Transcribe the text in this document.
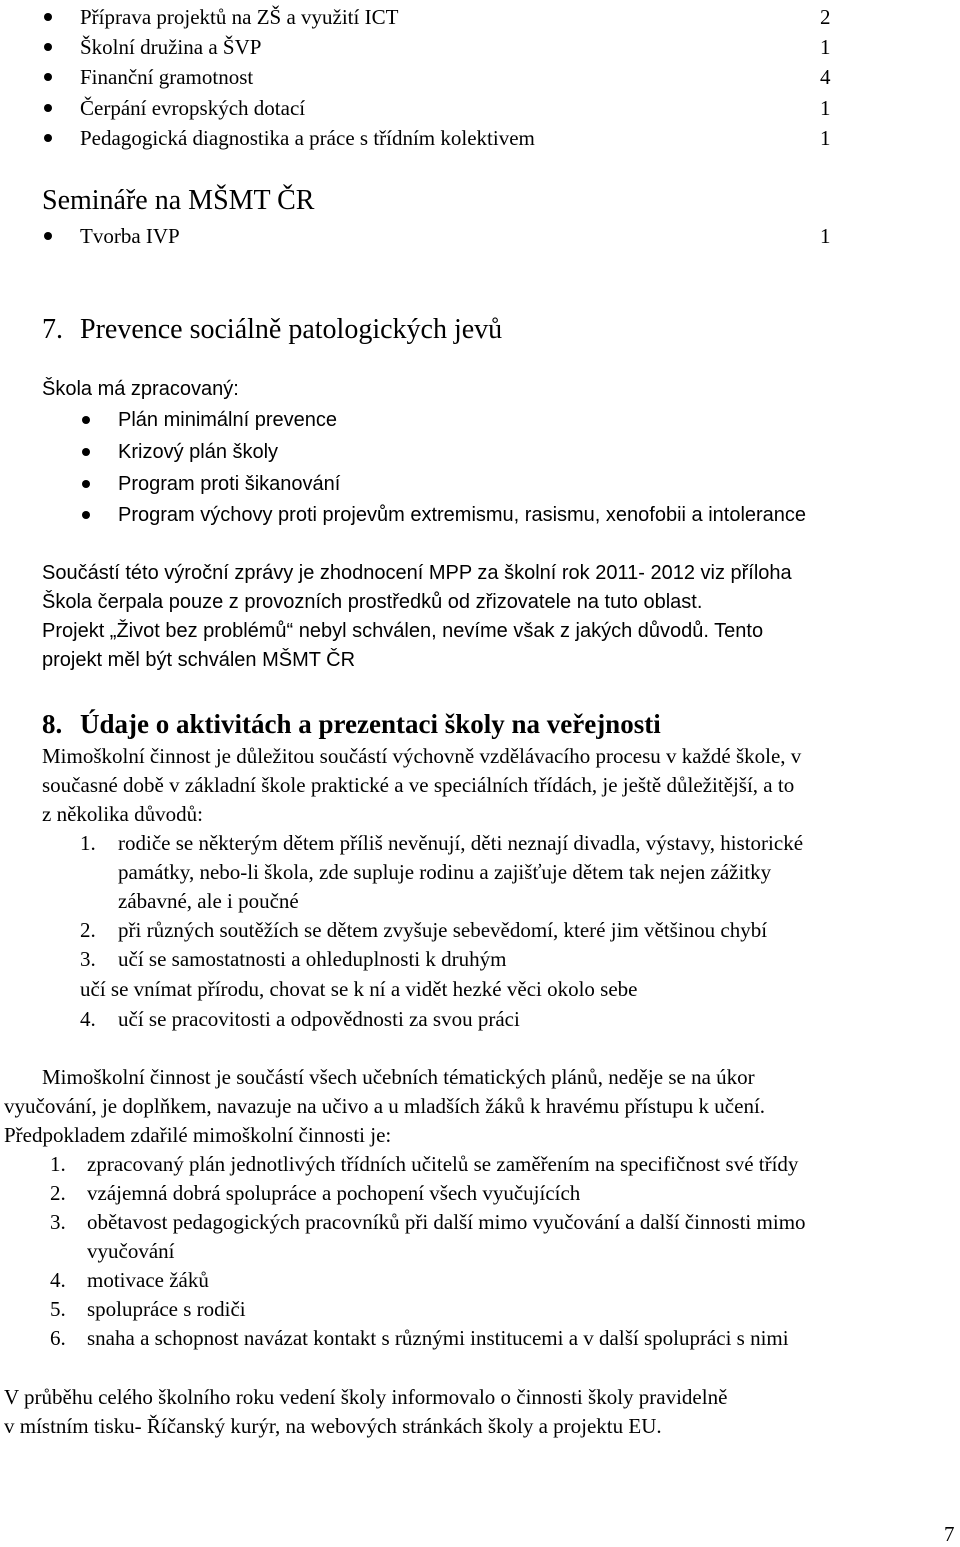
Příprava projektů na ZŠ a využití ICT	2
Školní družina a ŠVP	1
Finanční gramotnost	4
Čerpání evropských dotací	1
Pedagogická diagnostika a práce s třídním kolektivem	1
Semináře na MŠMT ČR
Tvorba IVP	1
7. Prevence sociálně patologických jevů
Škola má zpracovaný:
Plán minimální prevence
Krizový plán školy
Program proti šikanování
Program výchovy proti projevům extremismu, rasismu, xenofobii a intolerance
Součástí této výroční zprávy je zhodnocení MPP za školní rok 2011- 2012 viz příloha
Škola čerpala pouze z provozních prostředků od zřizovatele na tuto oblast.
Projekt „Život bez problémů“ nebyl schválen, nevíme však z jakých důvodů. Tento
projekt měl být schválen MŠMT ČR
8. Údaje o aktivitách a prezentaci školy na veřejnosti
Mimoškolní činnost je důležitou součástí výchovně vzdělávacího procesu v každé škole, v
současné době v základní škole praktické a ve speciálních třídách, je ještě důležitější, a to
z několika důvodů:
1. rodiče se některým dětem příliš nevěnují, děti neznají divadla, výstavy, historické
památky, nebo-li škola, zde supluje rodinu a zajišťuje dětem tak nejen zážitky
zábavné, ale i poučné
2. při různých soutěžích se dětem zvyšuje sebevědomí, které jim většinou chybí
3. učí se samostatnosti a ohleduplnosti k druhým
učí se vnímat přírodu, chovat se k ní a vidět hezké věci okolo sebe
4. učí se pracovitosti a odpovědnosti za svou práci
Mimoškolní činnost je součástí všech učebních tématických plánů, neděje se na úkor
vyučování, je doplňkem, navazuje na učivo a u mladších žáků k hravému přístupu k učení.
Předpokladem zdařilé mimoškolní činnosti je:
1. zpracovaný plán jednotlivých třídních učitelů se zaměřením na specifičnost své třídy
2. vzájemná dobrá spolupráce a pochopení všech vyučujících
3. obětavost pedagogických pracovníků při další mimo vyučování a další činnosti mimo
vyučování
4. motivace žáků
5. spolupráce s rodiči
6. snaha a schopnost navázat kontakt s různými institucemi a v další spolupráci s nimi
V průběhu celého školního roku vedení školy informovalo o činnosti školy pravidelně
v místním tisku- Říčanský kurýr, na webových stránkách školy a projektu EU.
7
